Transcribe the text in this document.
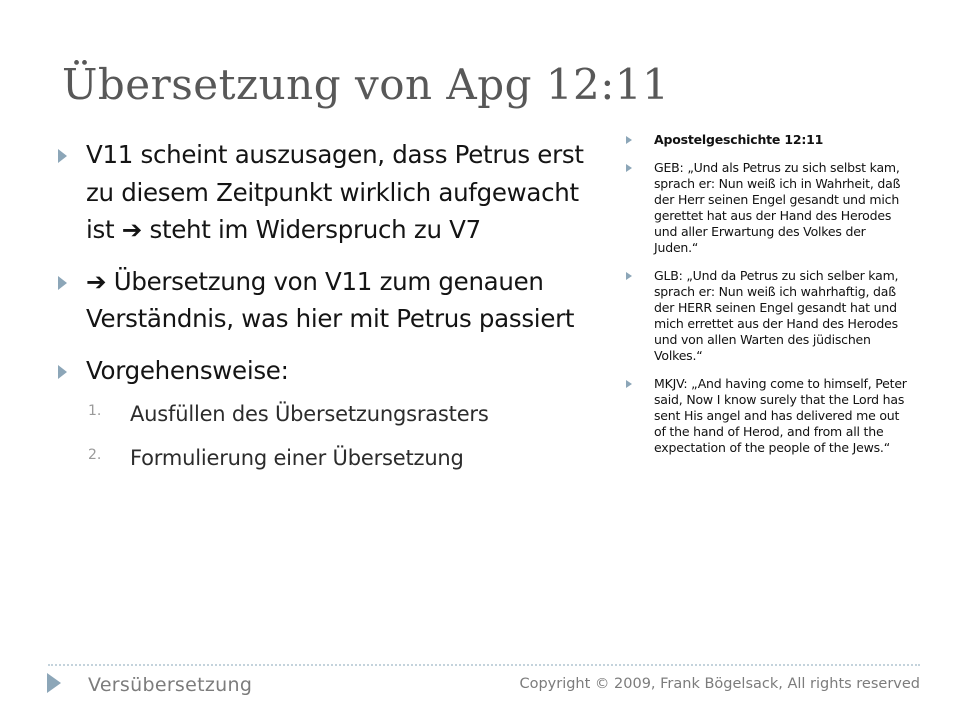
Übersetzung von Apg 12:11
V11 scheint auszusagen, dass Petrus erst zu diesem Zeitpunkt wirklich aufgewacht ist ➔ steht im Widerspruch zu V7
➔ Übersetzung von V11 zum genauen Verständnis, was hier mit Petrus passiert
Vorgehensweise:
1. Ausfüllen des Übersetzungsrasters
2. Formulierung einer Übersetzung
Apostelgeschichte 12:11
GEB: „Und als Petrus zu sich selbst kam, sprach er: Nun weiß ich in Wahrheit, daß der Herr seinen Engel gesandt und mich gerettet hat aus der Hand des Herodes und aller Erwartung des Volkes der Juden.“
GLB: „Und da Petrus zu sich selber kam, sprach er: Nun weiß ich wahrhaftig, daß der HERR seinen Engel gesandt hat und mich errettet aus der Hand des Herodes und von allen Warten des jüdischen Volkes.“
MKJV: „And having come to himself, Peter said, Now I know surely that the Lord has sent His angel and has delivered me out of the hand of Herod, and from all the expectation of the people of the Jews.“
Versübersetzung	Copyright © 2009, Frank Bögelsack, All rights reserved
